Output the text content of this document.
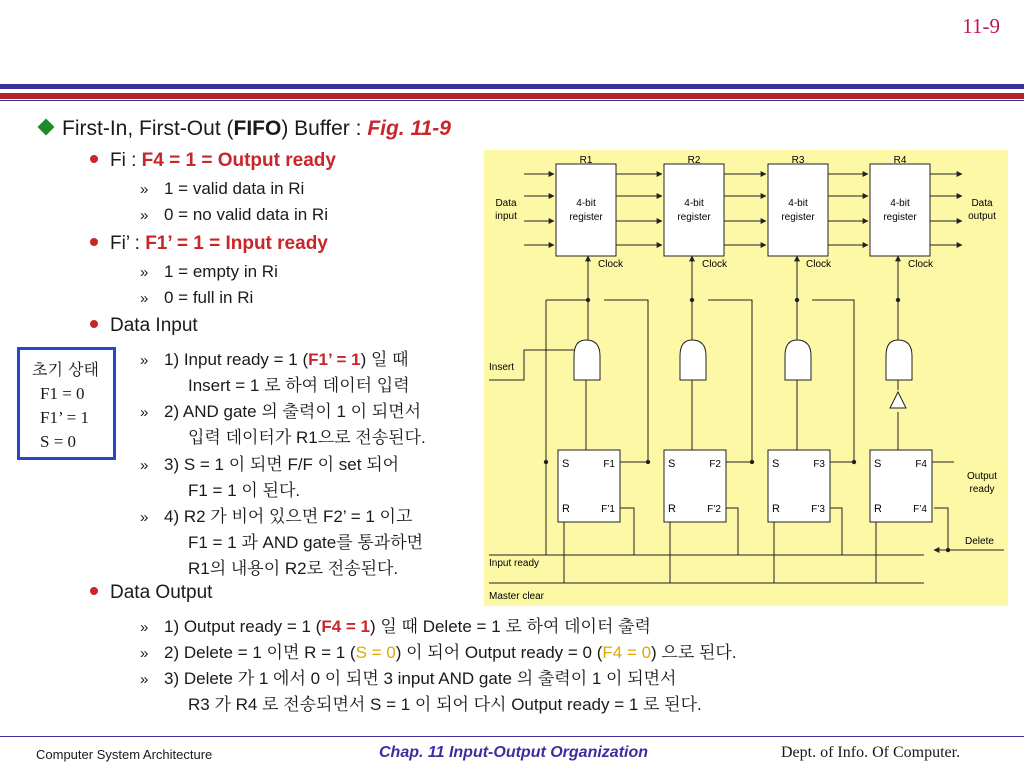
11-9
First-In, First-Out (FIFO) Buffer : Fig. 11-9
Fi : F4 = 1 = Output ready
» 1 = valid data in Ri
» 0 = no valid data in Ri
Fi’ : F1’ = 1 = Input ready
» 1 = empty in Ri
» 0 = full in Ri
Data Input
» 1) Input ready = 1 (F1’ = 1) 일 때
Insert = 1 로 하여 데이터 입력
» 2) AND gate 의 출력이 1 이 되면서
입력 데이터가 R1으로 전송된다.
» 3) S = 1 이 되면 F/F 이 set 되어
F1 = 1 이 된다.
» 4) R2 가 비어 있으면 F2’ = 1 이고
F1 = 1 과 AND gate를 통과하면
R1의 내용이 R2로 전송된다.
Data Output
» 1) Output ready = 1 (F4 = 1) 일 때 Delete = 1 로 하여 데이터 출력
» 2) Delete = 1 이면 R = 1 (S = 0) 이 되어 Output ready = 0 (F4 = 0) 으로 된다.
» 3) Delete 가 1 에서 0 이 되면 3 input AND gate 의 출력이 1 이 되면서
R3 가 R4 로 전송되면서 S = 1 이 되어 다시 Output ready = 1 로 된다.
초기 상태
F1 = 0
F1’ = 1
S = 0
R1
4-bit
register
Clock
R2
4-bit
register
Clock
R3
4-bit
register
Clock
R4
4-bit
register
Clock
Data
input
Data
output
Insert
S
R
F1
F’1
S
R
F2
F’2
S
R
F3
F’3
S
R
F4
F’4
Output
ready
Delete
Input ready
Master clear
Computer System Architecture	Chap. 11 Input-Output Organization	Dept. of Info. Of Computer.
